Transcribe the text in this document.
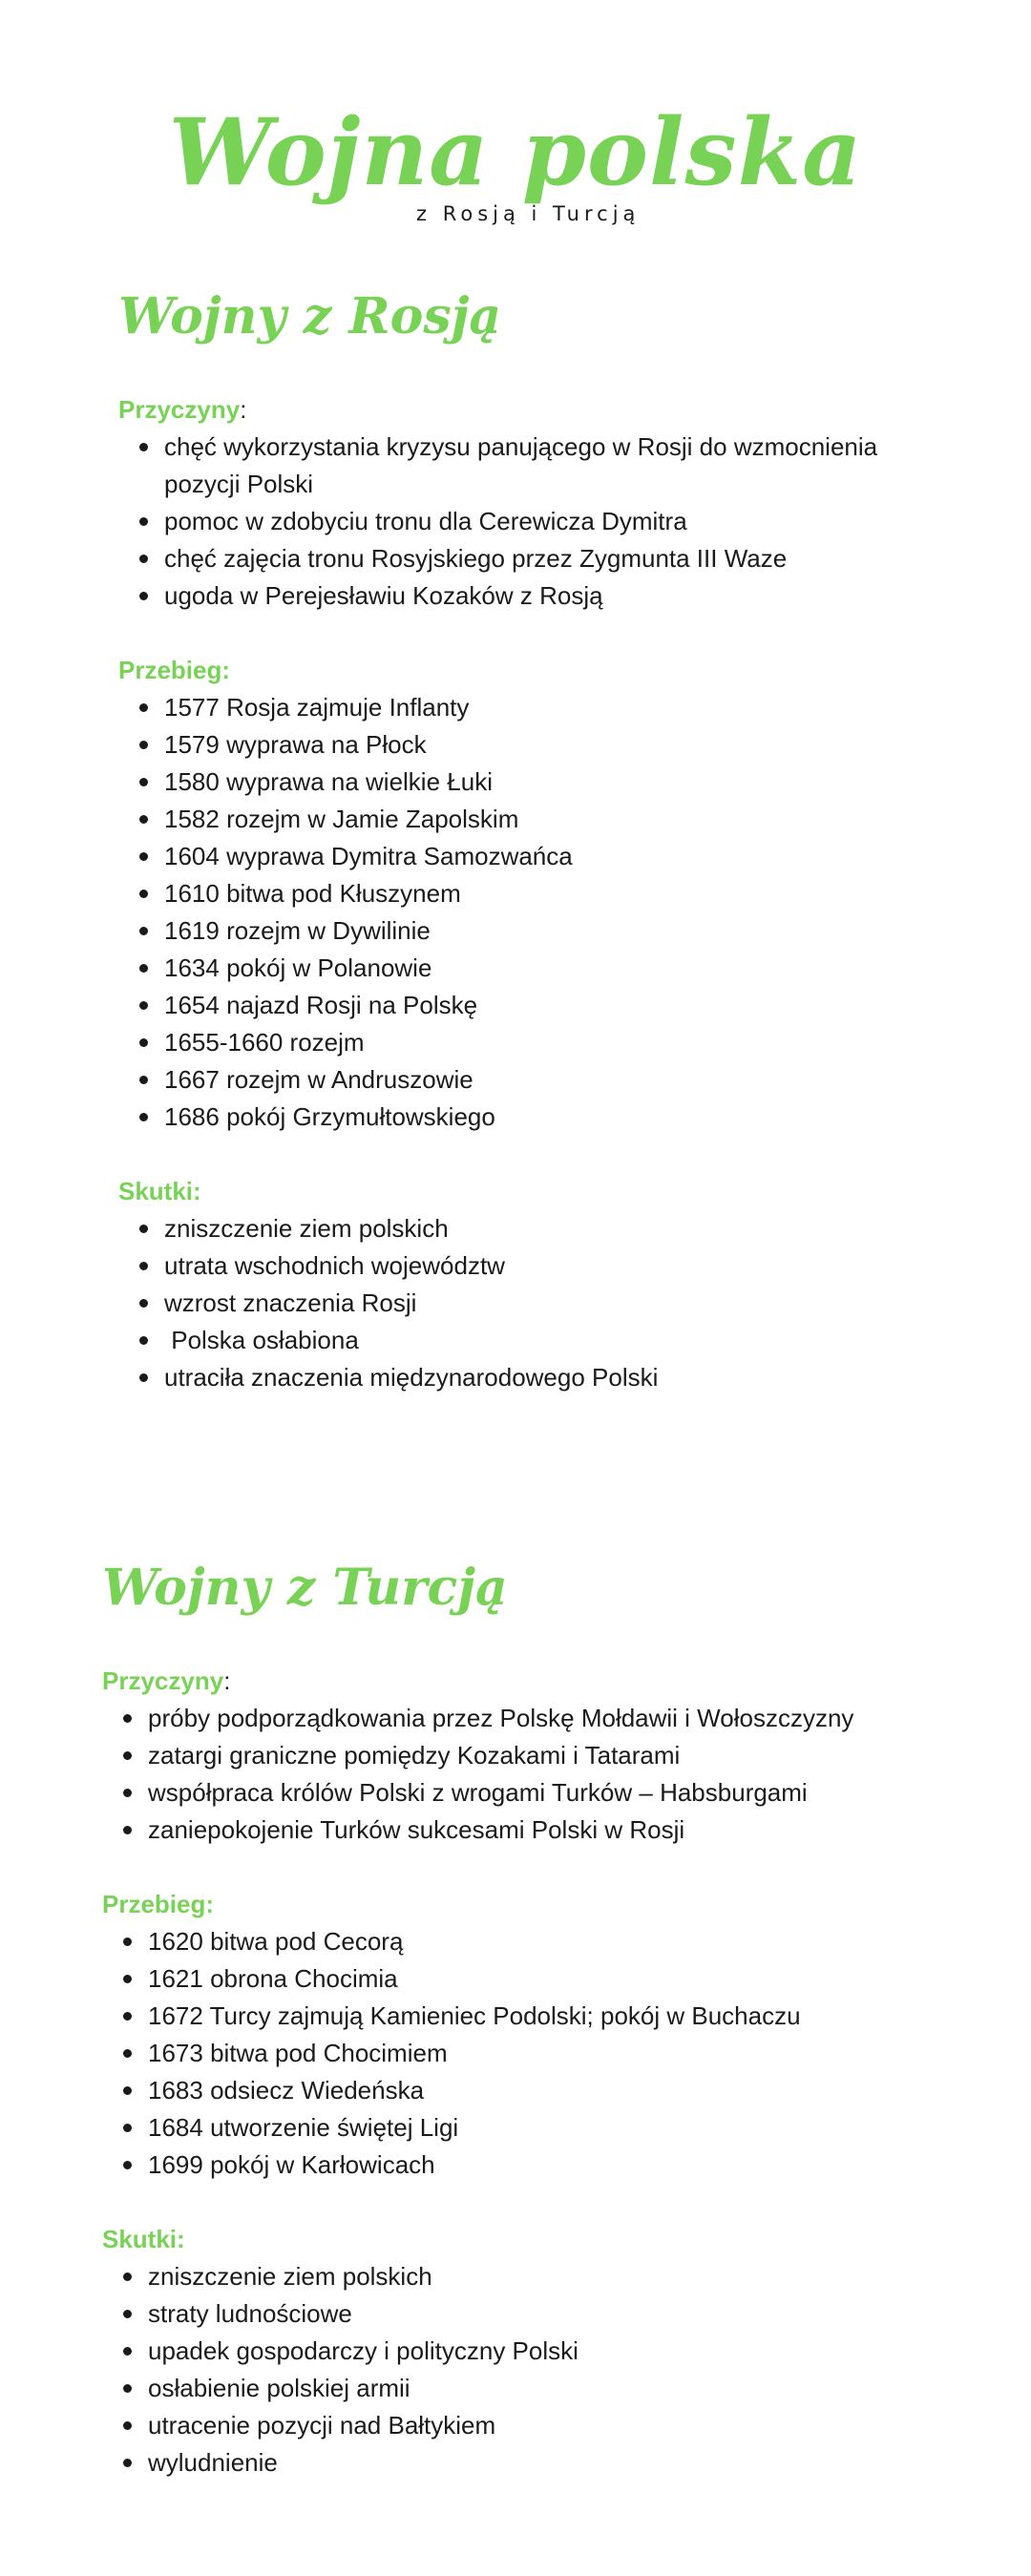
Wojna polska
z Rosją i Turcją
Wojny z Rosją

Przyczyny:

chęć wykorzystania kryzysu panującego w Rosji do wzmocnienia pozycji Polski
pomoc w zdobyciu tronu dla Cerewicza Dymitra
chęć zajęcia tronu Rosyjskiego przez Zygmunta III Waze
ugoda w Perejesławiu Kozaków z Rosją

Przebieg:

1577 Rosja zajmuje Inflanty
1579 wyprawa na Płock
1580 wyprawa na wielkie Łuki
1582 rozejm w Jamie Zapolskim
1604 wyprawa Dymitra Samozwańca
1610 bitwa pod Kłuszynem
1619 rozejm w Dywilinie
1634 pokój w Polanowie
1654 najazd Rosji na Polskę
1655-1660 rozejm
1667 rozejm w Andruszowie
1686 pokój Grzymułtowskiego

Skutki:

zniszczenie ziem polskich
utrata wschodnich województw
wzrost znaczenia Rosji
Polska osłabiona
utraciła znaczenia międzynarodowego Polski
Wojny z Turcją

Przyczyny:

próby podporządkowania przez Polskę Mołdawii i Wołoszczyzny
zatargi graniczne pomiędzy Kozakami i Tatarami
współpraca królów Polski z wrogami Turków – Habsburgami
zaniepokojenie Turków sukcesami Polski w Rosji

Przebieg:

1620 bitwa pod Cecorą
1621 obrona Chocimia
1672 Turcy zajmują Kamieniec Podolski; pokój w Buchaczu
1673 bitwa pod Chocimiem
1683 odsiecz Wiedeńska
1684 utworzenie świętej Ligi
1699 pokój w Karłowicach

Skutki:

zniszczenie ziem polskich
straty ludnościowe
upadek gospodarczy i polityczny Polski
osłabienie polskiej armii
utracenie pozycji nad Bałtykiem
wyludnienie
